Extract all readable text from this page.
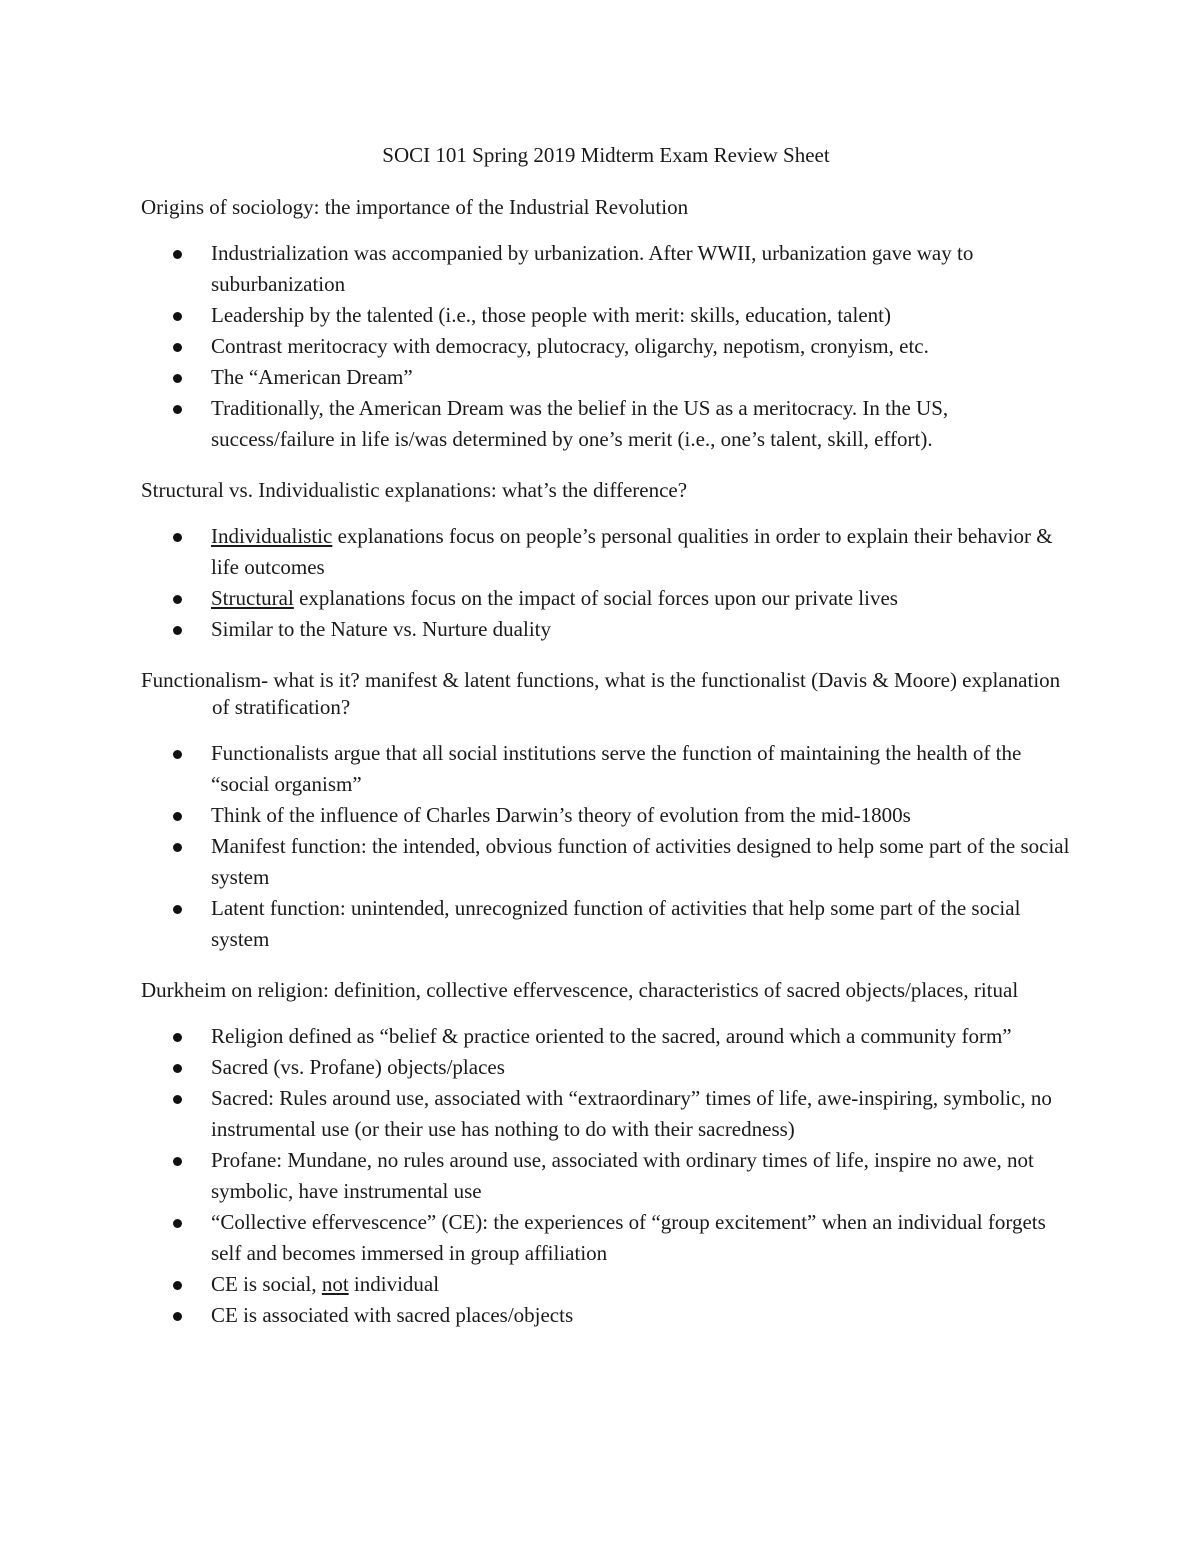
SOCI 101 Spring 2019 Midterm Exam Review Sheet
Origins of sociology: the importance of the Industrial Revolution
Industrialization was accompanied by urbanization. After WWII, urbanization gave way to suburbanization
Leadership by the talented (i.e., those people with merit: skills, education, talent)
Contrast meritocracy with democracy, plutocracy, oligarchy, nepotism, cronyism, etc.
The “American Dream”
Traditionally, the American Dream was the belief in the US as a meritocracy. In the US, success/failure in life is/was determined by one’s merit (i.e., one’s talent, skill, effort).
Structural vs. Individualistic explanations: what’s the difference?
Individualistic explanations focus on people’s personal qualities in order to explain their behavior & life outcomes
Structural explanations focus on the impact of social forces upon our private lives
Similar to the Nature vs. Nurture duality
Functionalism- what is it? manifest & latent functions, what is the functionalist (Davis & Moore) explanation of stratification?
Functionalists argue that all social institutions serve the function of maintaining the health of the “social organism”
Think of the influence of Charles Darwin’s theory of evolution from the mid-1800s
Manifest function: the intended, obvious function of activities designed to help some part of the social system
Latent function: unintended, unrecognized function of activities that help some part of the social system
Durkheim on religion: definition, collective effervescence, characteristics of sacred objects/places, ritual
Religion defined as “belief & practice oriented to the sacred, around which a community form”
Sacred (vs. Profane) objects/places
Sacred: Rules around use, associated with “extraordinary” times of life, awe-inspiring, symbolic, no instrumental use (or their use has nothing to do with their sacredness)
Profane: Mundane, no rules around use, associated with ordinary times of life, inspire no awe, not symbolic, have instrumental use
“Collective effervescence” (CE): the experiences of “group excitement” when an individual forgets self and becomes immersed in group affiliation
CE is social, not individual
CE is associated with sacred places/objects
